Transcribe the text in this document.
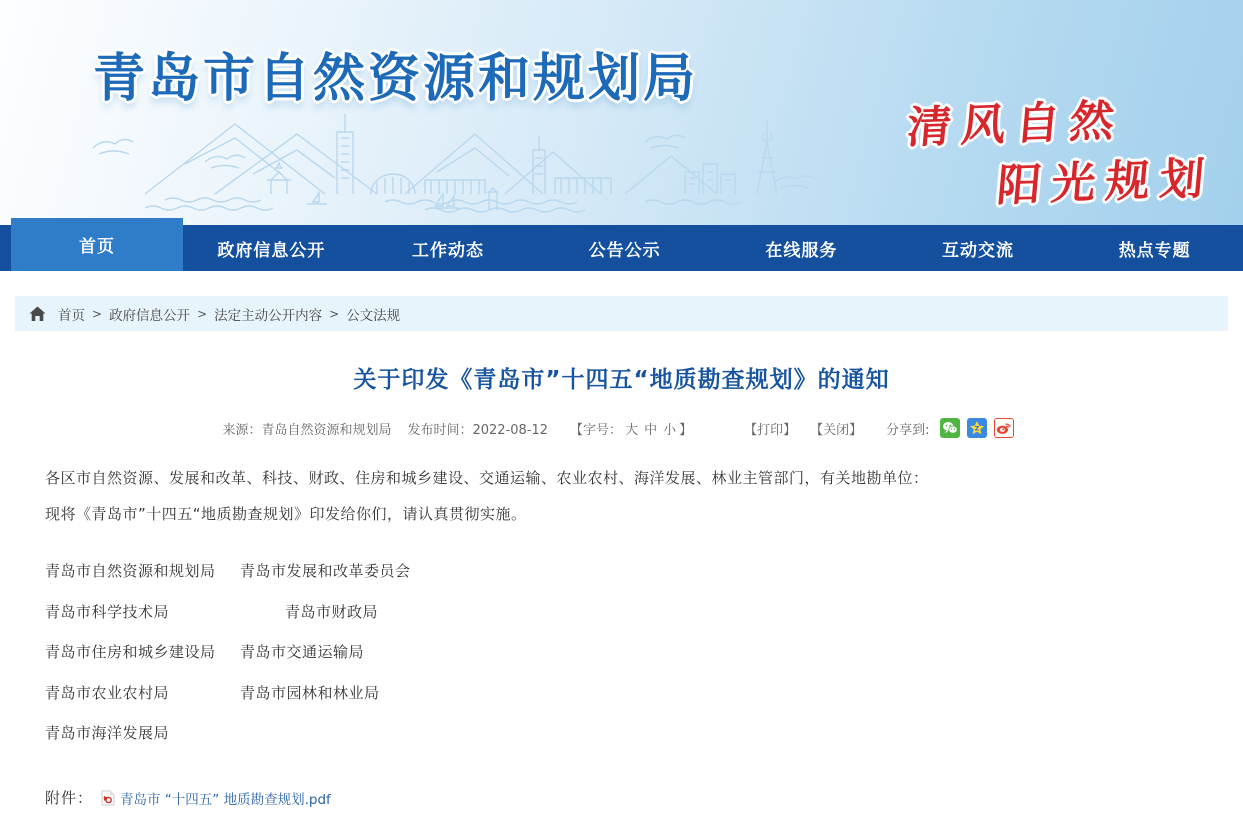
青岛市自然资源和规划局
清风自然
阳光规划
首页	政府信息公开	工作动态	公告公示	在线服务	互动交流	热点专题
首页 > 政府信息公开 > 法定主动公开内容 > 公文法规
关于印发《青岛市”十四五“地质勘查规划》的通知
来源：青岛自然资源和规划局 发布时间：2022-08-12 【字号： 大 中 小 】	【打印】 【关闭】 分享到:	Z

各区市自然资源、发展和改革、科技、财政、住房和城乡建设、交通运输、农业农村、海洋发展、林业主管部门，有关地勘单位：

现将《青岛市”十四五“地质勘查规划》印发给你们，请认真贯彻实施。

青岛市自然资源和规划局 青岛市发展和改革委员会
青岛市科学技术局	青岛市财政局
青岛市住房和城乡建设局 青岛市交通运输局
青岛市农业农村局	青岛市园林和林业局
青岛市海洋发展局
附件： 青岛市 “十四五” 地质勘查规划.pdf
